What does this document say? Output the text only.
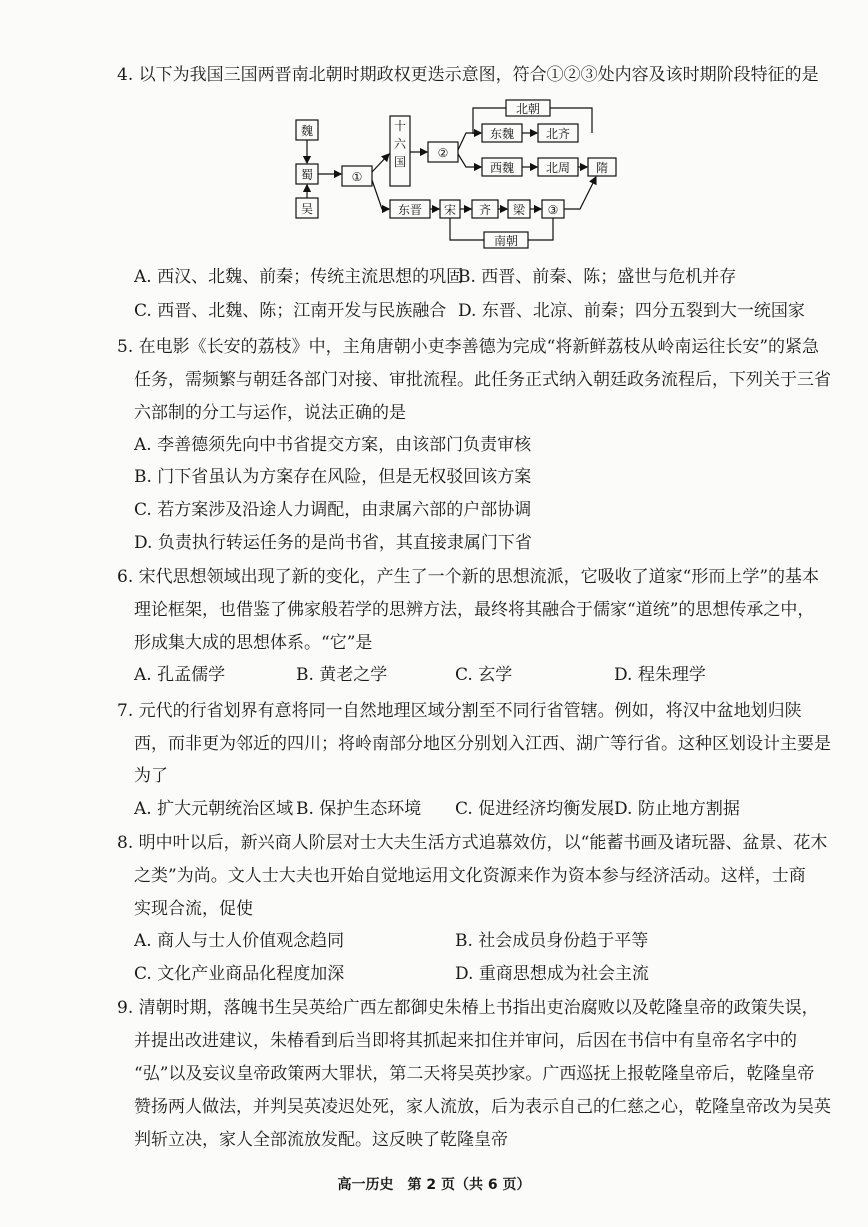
4. 以下为我国三国两晋南北朝时期政权更迭示意图，符合①②③处内容及该时期阶段特征的是
魏
蜀
吴
①
十
六
国
②
北朝
东魏	北齐
西魏	北周 隋
东晋 宋 齐 梁 ③
南朝
A. 西汉、北魏、前秦；传统主流思想的巩固
B. 西晋、前秦、陈；盛世与危机并存
C. 西晋、北魏、陈；江南开发与民族融合 D. 东晋、北凉、前秦；四分五裂到大一统国家
5. 在电影《长安的荔枝》中，主角唐朝小吏李善德为完成“将新鲜荔枝从岭南运往长安”的紧急
任务，需频繁与朝廷各部门对接、审批流程。此任务正式纳入朝廷政务流程后，下列关于三省
六部制的分工与运作，说法正确的是
A. 李善德须先向中书省提交方案，由该部门负责审核
B. 门下省虽认为方案存在风险，但是无权驳回该方案
C. 若方案涉及沿途人力调配，由隶属六部的户部协调
D. 负责执行转运任务的是尚书省，其直接隶属门下省
6. 宋代思想领域出现了新的变化，产生了一个新的思想流派，它吸收了道家“形而上学”的基本
理论框架，也借鉴了佛家般若学的思辨方法，最终将其融合于儒家“道统”的思想传承之中，
形成集大成的思想体系。“它”是
A. 孔孟儒学	B. 黄老之学	C. 玄学	D. 程朱理学
7. 元代的行省划界有意将同一自然地理区域分割至不同行省管辖。例如，将汉中盆地划归陕
西，而非更为邻近的四川；将岭南部分地区分别划入江西、湖广等行省。这种区划设计主要是
为了
A. 扩大元朝统治区域 B. 保护生态环境 C. 促进经济均衡发展 D. 防止地方割据
8. 明中叶以后，新兴商人阶层对士大夫生活方式追慕效仿，以“能蓄书画及诸玩器、盆景、花木
之类”为尚。文人士大夫也开始自觉地运用文化资源来作为资本参与经济活动。这样，士商
实现合流，促使
A. 商人与士人价值观念趋同	B. 社会成员身份趋于平等
C. 文化产业商品化程度加深	D. 重商思想成为社会主流
9. 清朝时期，落魄书生吴英给广西左都御史朱椿上书指出吏治腐败以及乾隆皇帝的政策失误，
并提出改进建议，朱椿看到后当即将其抓起来扣住并审问，后因在书信中有皇帝名字中的
“弘”以及妄议皇帝政策两大罪状，第二天将吴英抄家。广西巡抚上报乾隆皇帝后，乾隆皇帝
赞扬两人做法，并判吴英凌迟处死，家人流放，后为表示自己的仁慈之心，乾隆皇帝改为吴英
判斩立决，家人全部流放发配。这反映了乾隆皇帝
高一历史　第 2 页（共 6 页）
